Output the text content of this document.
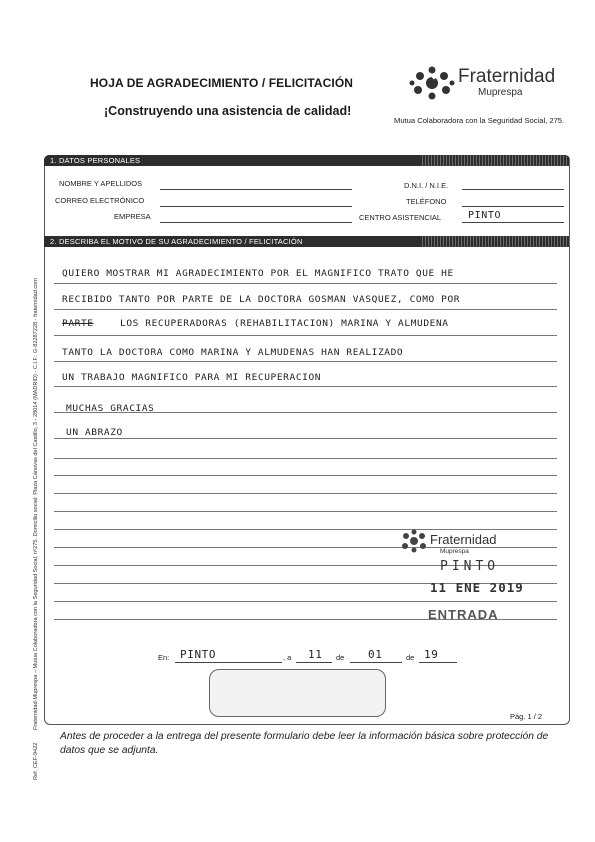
HOJA DE AGRADECIMIENTO / FELICITACIÓN
¡Construyendo una asistencia de calidad!
Fraternidad
Muprespa
Mutua Colaboradora con la Seguridad Social, 275.
Fraternidad-Muprespa – Mutua Colaboradora con la Seguridad Social, nº275. Domicilio social: Plaza Cánovas del Castillo, 3 - 28014 (MADRID) - C.I.F.: G-82287228 - fraternidad.com
Ref. CEF-9422
1. DATOS PERSONALES
NOMBRE Y APELLIDOS
CORREO ELECTRÓNICO
EMPRESA
D.N.I. / N.I.E.
TELÉFONO
CENTRO ASISTENCIAL	PINTO
2. DESCRIBA EL MOTIVO DE SU AGRADECIMIENTO / FELICITACIÓN
QUIERO MOSTRAR MI AGRADECIMIENTO POR EL MAGNIFICO TRATO QUE HE
RECIBIDO TANTO POR PARTE DE LA DOCTORA GOSMAN VASQUEZ, COMO POR
PARTE	LOS RECUPERADORAS (REHABILITACION) MARINA Y ALMUDENA
TANTO LA DOCTORA COMO MARINA Y ALMUDENAS HAN REALIZADO
UN TRABAJO MAGNIFICO PARA MI RECUPERACION
MUCHAS GRACIAS
UN ABRAZO
Fraternidad
Muprespa
PINTO
11 ENE 2019
ENTRADA
En: PINTO	, a 11 de 01	de 19
Pág. 1 / 2
Antes de proceder a la entrega del presente formulario debe leer la información básica sobre protección de datos que se adjunta.
